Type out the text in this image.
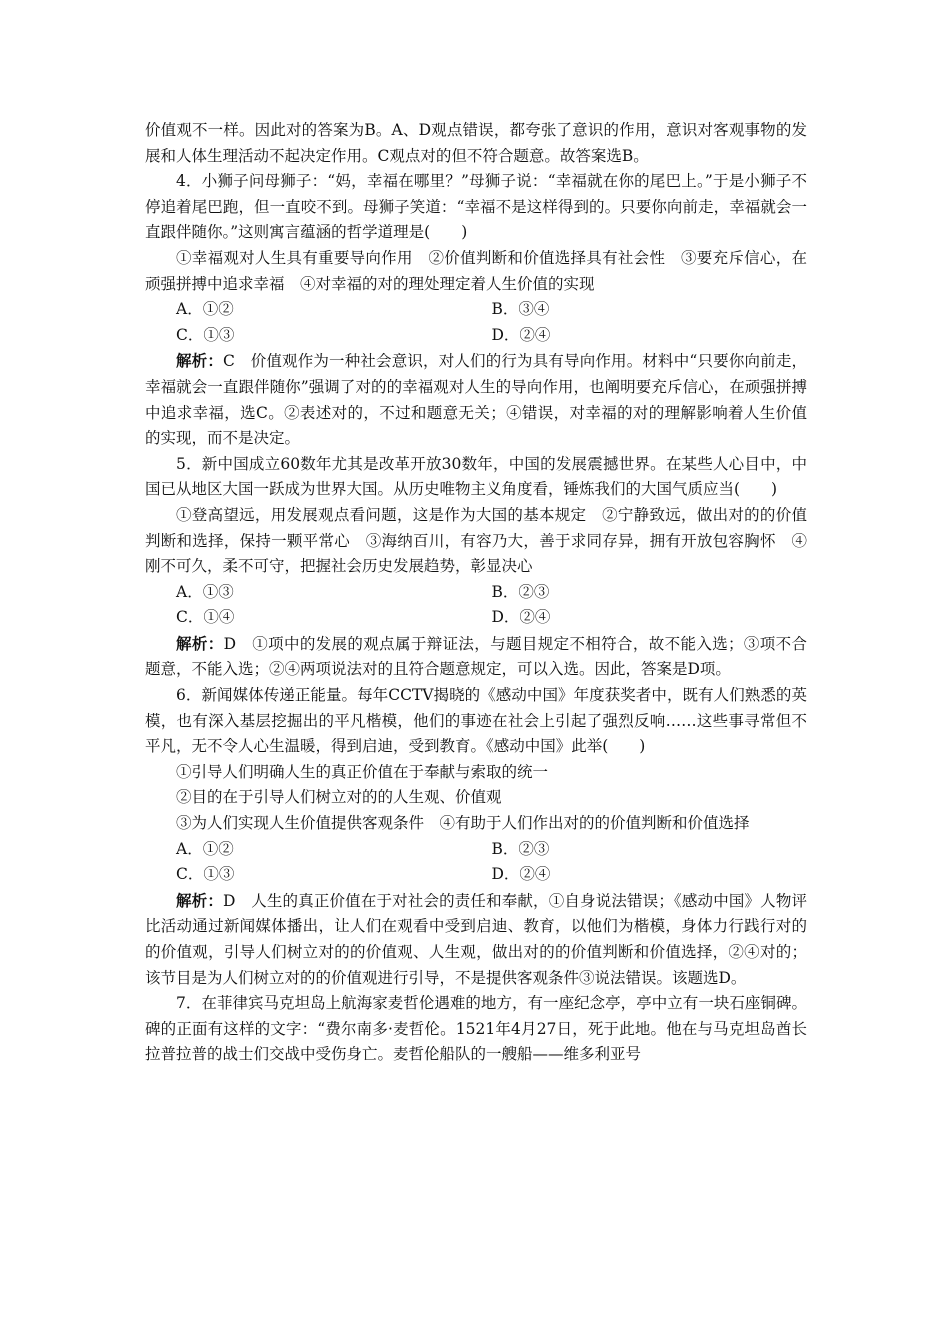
价值观不一样。因此对的答案为B。A、D观点错误，都夸张了意识的作用，意识对客观事物的发展和人体生理活动不起决定作用。C观点对的但不符合题意。故答案选B。

4．小狮子问母狮子：“妈，幸福在哪里？”母狮子说：“幸福就在你的尾巴上。”于是小狮子不停追着尾巴跑，但一直咬不到。母狮子笑道：“幸福不是这样得到的。只要你向前走，幸福就会一直跟伴随你。”这则寓言蕴涵的哲学道理是(　　)

①幸福观对人生具有重要导向作用　②价值判断和价值选择具有社会性　③要充斥信心，在顽强拼搏中追求幸福　④对幸福的对的理处理定着人生价值的实现

A．①②	B．③④
C．①③	D．②④

解析：C　价值观作为一种社会意识，对人们的行为具有导向作用。材料中“只要你向前走，幸福就会一直跟伴随你”强调了对的的幸福观对人生的导向作用，也阐明要充斥信心，在顽强拼搏中追求幸福，选C。②表述对的，不过和题意无关；④错误，对幸福的对的理解影响着人生价值的实现，而不是决定。

5．新中国成立60数年尤其是改革开放30数年，中国的发展震撼世界。在某些人心目中，中国已从地区大国一跃成为世界大国。从历史唯物主义角度看，锤炼我们的大国气质应当(　　)

①登高望远，用发展观点看问题，这是作为大国的基本规定　②宁静致远，做出对的的价值判断和选择，保持一颗平常心　③海纳百川，有容乃大，善于求同存异，拥有开放包容胸怀　④刚不可久，柔不可守，把握社会历史发展趋势，彰显决心

A．①③	B．②③
C．①④	D．②④

解析：D　①项中的发展的观点属于辩证法，与题目规定不相符合，故不能入选；③项不合题意，不能入选；②④两项说法对的且符合题意规定，可以入选。因此，答案是D项。

6．新闻媒体传递正能量。每年CCTV揭晓的《感动中国》年度获奖者中，既有人们熟悉的英模，也有深入基层挖掘出的平凡楷模，他们的事迹在社会上引起了强烈反响……这些事寻常但不平凡，无不令人心生温暖，得到启迪，受到教育。《感动中国》此举(　　)

①引导人们明确人生的真正价值在于奉献与索取的统一

②目的在于引导人们树立对的的人生观、价值观

③为人们实现人生价值提供客观条件　④有助于人们作出对的的价值判断和价值选择

A．①②	B．②③
C．①③	D．②④

解析：D　人生的真正价值在于对社会的责任和奉献，①自身说法错误；《感动中国》人物评比活动通过新闻媒体播出，让人们在观看中受到启迪、教育，以他们为楷模，身体力行践行对的的价值观，引导人们树立对的的价值观、人生观，做出对的的价值判断和价值选择，②④对的；该节目是为人们树立对的的价值观进行引导，不是提供客观条件③说法错误。该题选D。

7．在菲律宾马克坦岛上航海家麦哲伦遇难的地方，有一座纪念亭，亭中立有一块石座铜碑。碑的正面有这样的文字：“费尔南多·麦哲伦。1521年4月27日，死于此地。他在与马克坦岛酋长拉普拉普的战士们交战中受伤身亡。麦哲伦船队的一艘船——维多利亚号
